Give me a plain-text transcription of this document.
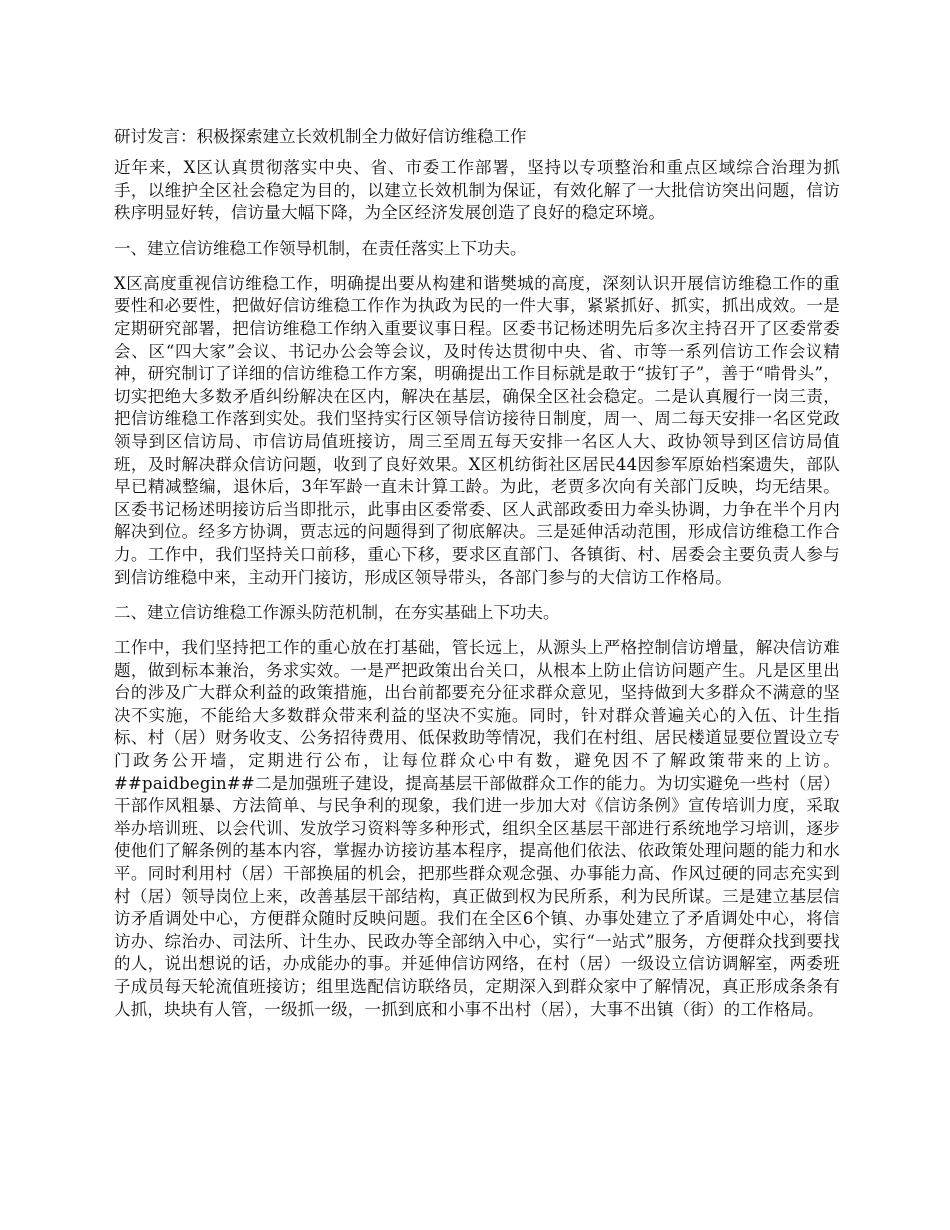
研讨发言：积极探索建立长效机制全力做好信访维稳工作

近年来，X区认真贯彻落实中央、省、市委工作部署，坚持以专项整治和重点区域综合治理为抓手，以维护全区社会稳定为目的，以建立长效机制为保证，有效化解了一大批信访突出问题，信访秩序明显好转，信访量大幅下降，为全区经济发展创造了良好的稳定环境。

一、建立信访维稳工作领导机制，在责任落实上下功夫。

X区高度重视信访维稳工作，明确提出要从构建和谐樊城的高度，深刻认识开展信访维稳工作的重要性和必要性，把做好信访维稳工作作为执政为民的一件大事，紧紧抓好、抓实，抓出成效。一是定期研究部署，把信访维稳工作纳入重要议事日程。区委书记杨述明先后多次主持召开了区委常委会、区“四大家”会议、书记办公会等会议，及时传达贯彻中央、省、市等一系列信访工作会议精神，研究制订了详细的信访维稳工作方案，明确提出工作目标就是敢于“拔钉子”，善于“啃骨头”，切实把绝大多数矛盾纠纷解决在区内，解决在基层，确保全区社会稳定。二是认真履行一岗三责，把信访维稳工作落到实处。我们坚持实行区领导信访接待日制度，周一、周二每天安排一名区党政领导到区信访局、市信访局值班接访，周三至周五每天安排一名区人大、政协领导到区信访局值班，及时解决群众信访问题，收到了良好效果。X区机纺街社区居民44因参军原始档案遗失，部队早已精减整编，退休后，3年军龄一直未计算工龄。为此，老贾多次向有关部门反映，均无结果。区委书记杨述明接访后当即批示，此事由区委常委、区人武部政委田力牵头协调，力争在半个月内解决到位。经多方协调，贾志远的问题得到了彻底解决。三是延伸活动范围，形成信访维稳工作合力。工作中，我们坚持关口前移，重心下移，要求区直部门、各镇街、村、居委会主要负责人参与到信访维稳中来，主动开门接访，形成区领导带头，各部门参与的大信访工作格局。

二、建立信访维稳工作源头防范机制，在夯实基础上下功夫。

工作中，我们坚持把工作的重心放在打基础，管长远上，从源头上严格控制信访增量，解决信访难题，做到标本兼治，务求实效。一是严把政策出台关口，从根本上防止信访问题产生。凡是区里出台的涉及广大群众利益的政策措施，出台前都要充分征求群众意见，坚持做到大多群众不满意的坚决不实施，不能给大多数群众带来利益的坚决不实施。同时，针对群众普遍关心的入伍、计生指标、村（居）财务收支、公务招待费用、低保救助等情况，我们在村组、居民楼道显要位置设立专门政务公开墙，定期进行公布，让每位群众心中有数，避免因不了解政策带来的上访。##paidbegin##二是加强班子建设，提高基层干部做群众工作的能力。为切实避免一些村（居）干部作风粗暴、方法简单、与民争利的现象，我们进一步加大对《信访条例》宣传培训力度，采取举办培训班、以会代训、发放学习资料等多种形式，组织全区基层干部进行系统地学习培训，逐步使他们了解条例的基本内容，掌握办访接访基本程序，提高他们依法、依政策处理问题的能力和水平。同时利用村（居）干部换届的机会，把那些群众观念强、办事能力高、作风过硬的同志充实到村（居）领导岗位上来，改善基层干部结构，真正做到权为民所系，利为民所谋。三是建立基层信访矛盾调处中心，方便群众随时反映问题。我们在全区6个镇、办事处建立了矛盾调处中心，将信访办、综治办、司法所、计生办、民政办等全部纳入中心，实行“一站式”服务，方便群众找到要找的人，说出想说的话，办成能办的事。并延伸信访网络，在村（居）一级设立信访调解室，两委班子成员每天轮流值班接访；组里选配信访联络员，定期深入到群众家中了解情况，真正形成条条有人抓，块块有人管，一级抓一级，一抓到底和小事不出村（居），大事不出镇（街）的工作格局。
